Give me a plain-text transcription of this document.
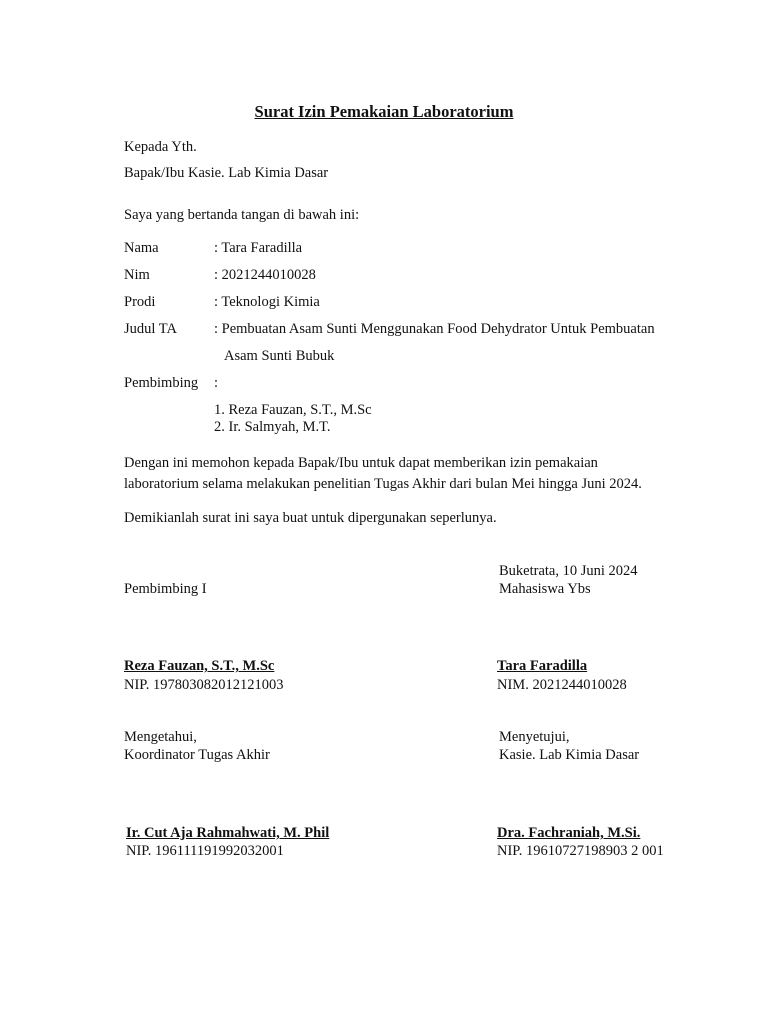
Surat Izin Pemakaian Laboratorium
Kepada Yth.
Bapak/Ibu Kasie. Lab Kimia Dasar
Saya yang bertanda tangan di bawah ini:
Nama	: Tara Faradilla
Nim	: 2021244010028
Prodi	: Teknologi Kimia
Judul TA	: Pembuatan Asam Sunti Menggunakan Food Dehydrator Untuk Pembuatan
Asam Sunti Bubuk
Pembimbing :
1. Reza Fauzan, S.T., M.Sc
2. Ir. Salmyah, M.T.
Dengan ini memohon kepada Bapak/Ibu untuk dapat memberikan izin pemakaian
laboratorium selama melakukan penelitian Tugas Akhir dari bulan Mei hingga Juni 2024.
Demikianlah surat ini saya buat untuk dipergunakan seperlunya.
Buketrata, 10 Juni 2024
Pembimbing I	Mahasiswa Ybs
Reza Fauzan, S.T., M.Sc
NIP. 197803082012121003
Tara Faradilla
NIM. 2021244010028
Mengetahui,
Koordinator Tugas Akhir
Menyetujui,
Kasie. Lab Kimia Dasar
Ir. Cut Aja Rahmahwati, M. Phil
NIP. 196111191992032001
Dra. Fachraniah, M.Si.
NIP. 19610727198903 2 001
